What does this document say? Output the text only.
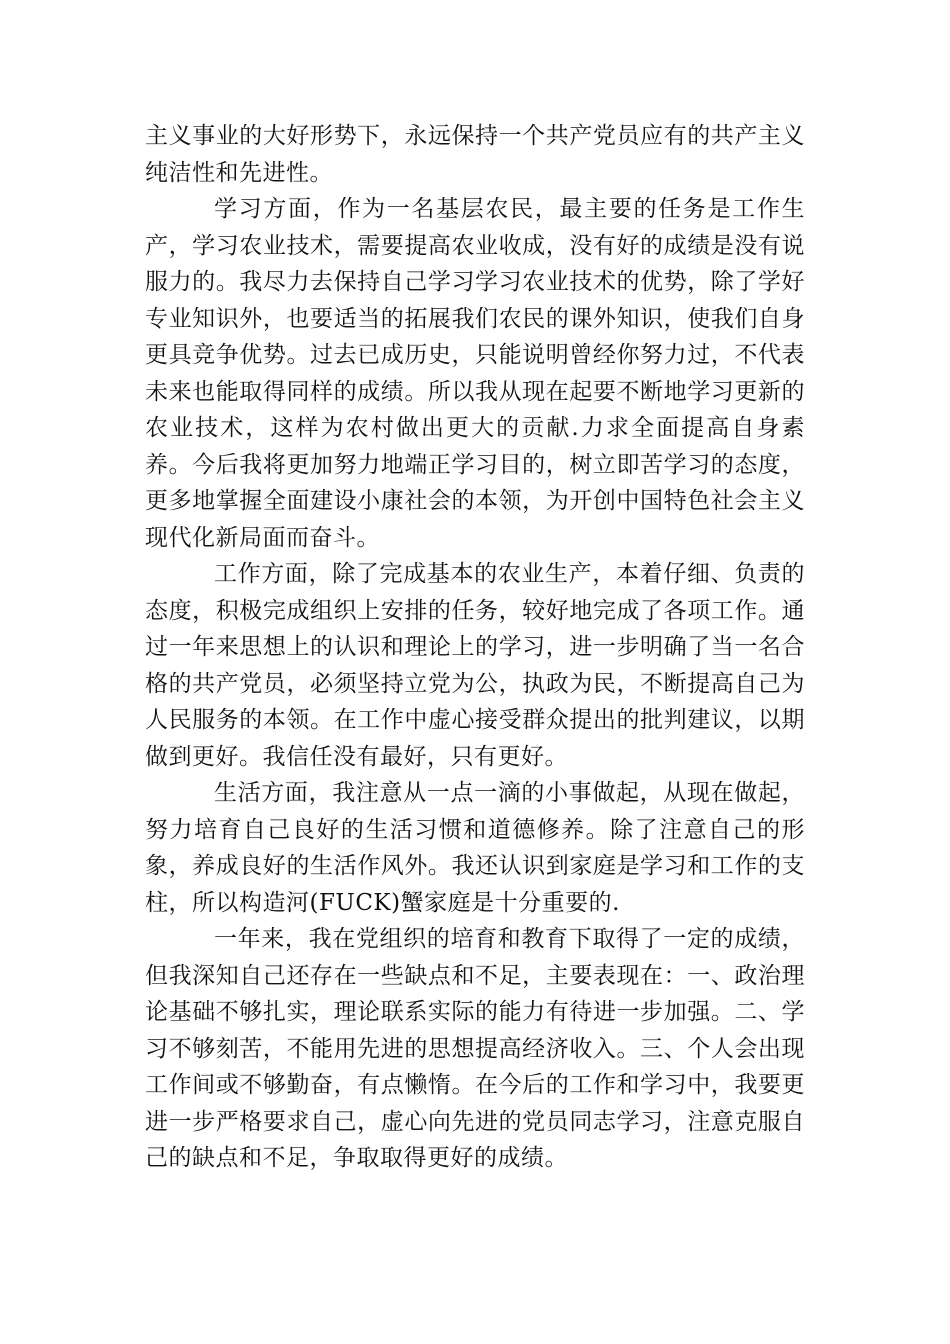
主义事业的大好形势下，永远保持一个共产党员应有的共产主义纯洁性和先进性。

学习方面，作为一名基层农民，最主要的任务是工作生产，学习农业技术，需要提高农业收成，没有好的成绩是没有说服力的。我尽力去保持自己学习学习农业技术的优势，除了学好专业知识外，也要适当的拓展我们农民的课外知识，使我们自身更具竞争优势。过去已成历史，只能说明曾经你努力过，不代表未来也能取得同样的成绩。所以我从现在起要不断地学习更新的农业技术，这样为农村做出更大的贡献.力求全面提高自身素养。今后我将更加努力地端正学习目的，树立即苦学习的态度，更多地掌握全面建设小康社会的本领，为开创中国特色社会主义现代化新局面而奋斗。

工作方面，除了完成基本的农业生产，本着仔细、负责的态度，积极完成组织上安排的任务，较好地完成了各项工作。通过一年来思想上的认识和理论上的学习，进一步明确了当一名合格的共产党员，必须坚持立党为公，执政为民，不断提高自己为人民服务的本领。在工作中虚心接受群众提出的批判建议，以期做到更好。我信任没有最好，只有更好。

生活方面，我注意从一点一滴的小事做起，从现在做起，努力培育自己良好的生活习惯和道德修养。除了注意自己的形象，养成良好的生活作风外。我还认识到家庭是学习和工作的支柱，所以构造河(FUCK)蟹家庭是十分重要的.

一年来，我在党组织的培育和教育下取得了一定的成绩，但我深知自己还存在一些缺点和不足，主要表现在：一、政治理论基础不够扎实，理论联系实际的能力有待进一步加强。二、学习不够刻苦，不能用先进的思想提高经济收入。三、个人会出现工作间或不够勤奋，有点懒惰。在今后的工作和学习中，我要更进一步严格要求自己，虚心向先进的党员同志学习，注意克服自己的缺点和不足，争取取得更好的成绩。
